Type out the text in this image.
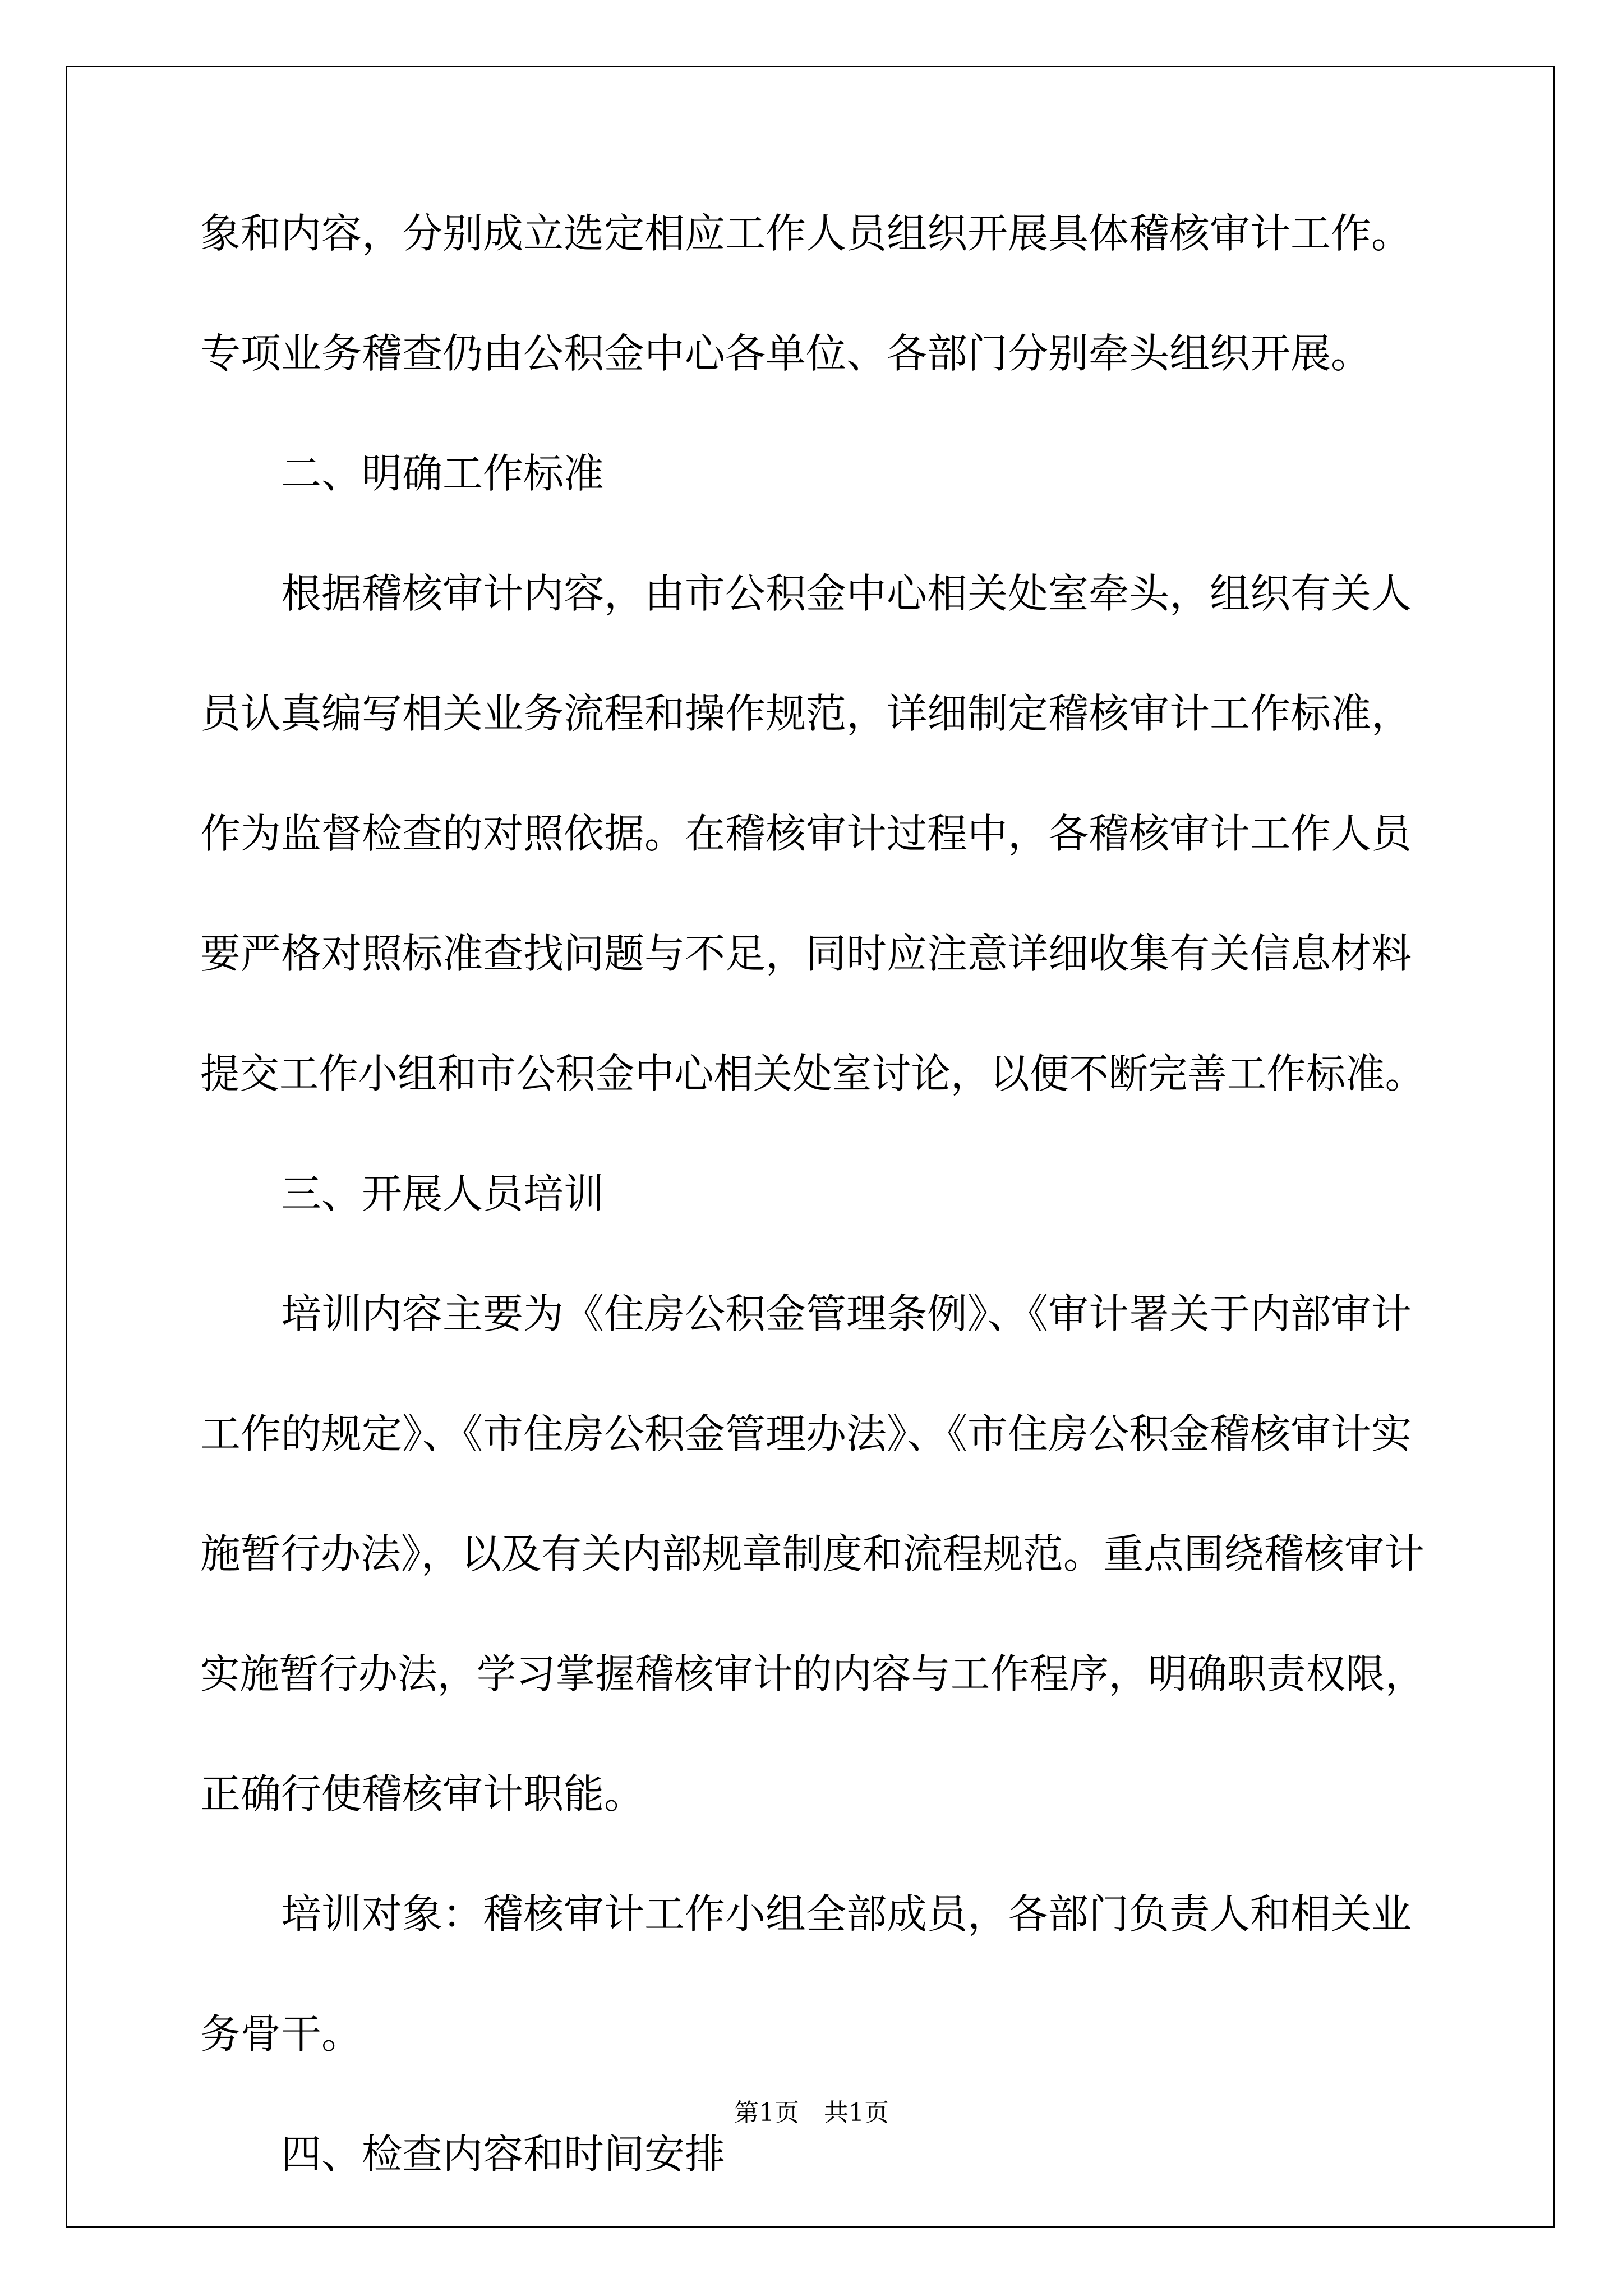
象和内容，分别成立选定相应工作人员组织开展具体稽核审计工作。
专项业务稽查仍由公积金中心各单位、各部门分别牵头组织开展。
二、明确工作标准
根据稽核审计内容，由市公积金中心相关处室牵头，组织有关人
员认真编写相关业务流程和操作规范，详细制定稽核审计工作标准，
作为监督检查的对照依据。在稽核审计过程中，各稽核审计工作人员
要严格对照标准查找问题与不足，同时应注意详细收集有关信息材料
提交工作小组和市公积金中心相关处室讨论，以便不断完善工作标准。
三、开展人员培训
培训内容主要为《住房公积金管理条例》、《审计署关于内部审计
工作的规定》、《市住房公积金管理办法》、《市住房公积金稽核审计实
施暂行办法》，以及有关内部规章制度和流程规范。重点围绕稽核审计
实施暂行办法，学习掌握稽核审计的内容与工作程序，明确职责权限，
正确行使稽核审计职能。
培训对象：稽核审计工作小组全部成员，各部门负责人和相关业
务骨干。
四、检查内容和时间安排
第1页　共1页
